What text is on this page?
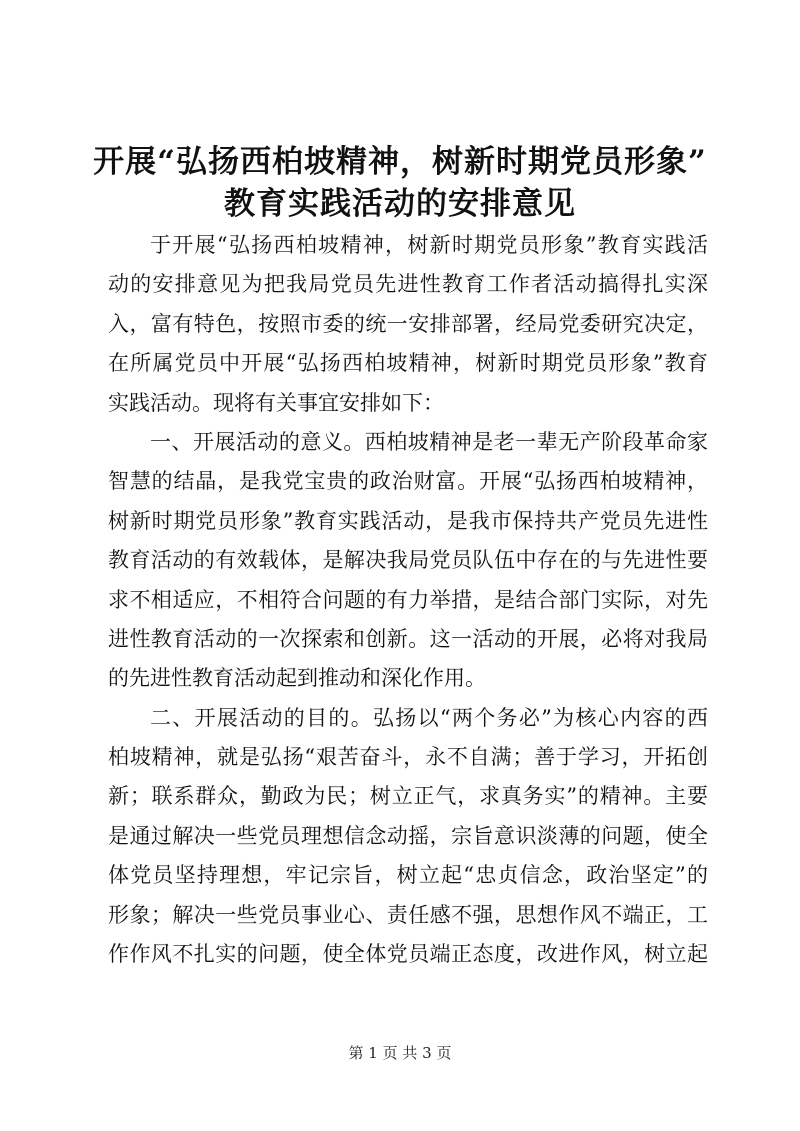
开展“弘扬西柏坡精神，树新时期党员形象”
教育实践活动的安排意见
于开展“弘扬西柏坡精神，树新时期党员形象”教育实践活
动的安排意见为把我局党员先进性教育工作者活动搞得扎实深
入，富有特色，按照市委的统一安排部署，经局党委研究决定，
在所属党员中开展“弘扬西柏坡精神，树新时期党员形象”教育
实践活动。现将有关事宜安排如下：
一、开展活动的意义。西柏坡精神是老一辈无产阶段革命家
智慧的结晶，是我党宝贵的政治财富。开展“弘扬西柏坡精神，
树新时期党员形象”教育实践活动，是我市保持共产党员先进性
教育活动的有效载体，是解决我局党员队伍中存在的与先进性要
求不相适应，不相符合问题的有力举措，是结合部门实际，对先
进性教育活动的一次探索和创新。这一活动的开展，必将对我局
的先进性教育活动起到推动和深化作用。
二、开展活动的目的。弘扬以“两个务必”为核心内容的西
柏坡精神，就是弘扬“艰苦奋斗，永不自满；善于学习，开拓创
新；联系群众，勤政为民；树立正气，求真务实”的精神。主要
是通过解决一些党员理想信念动摇，宗旨意识淡薄的问题，使全
体党员坚持理想，牢记宗旨，树立起“忠贞信念，政治坚定”的
形象；解决一些党员事业心、责任感不强，思想作风不端正，工
作作风不扎实的问题，使全体党员端正态度，改进作风，树立起
第 1 页 共 3 页
